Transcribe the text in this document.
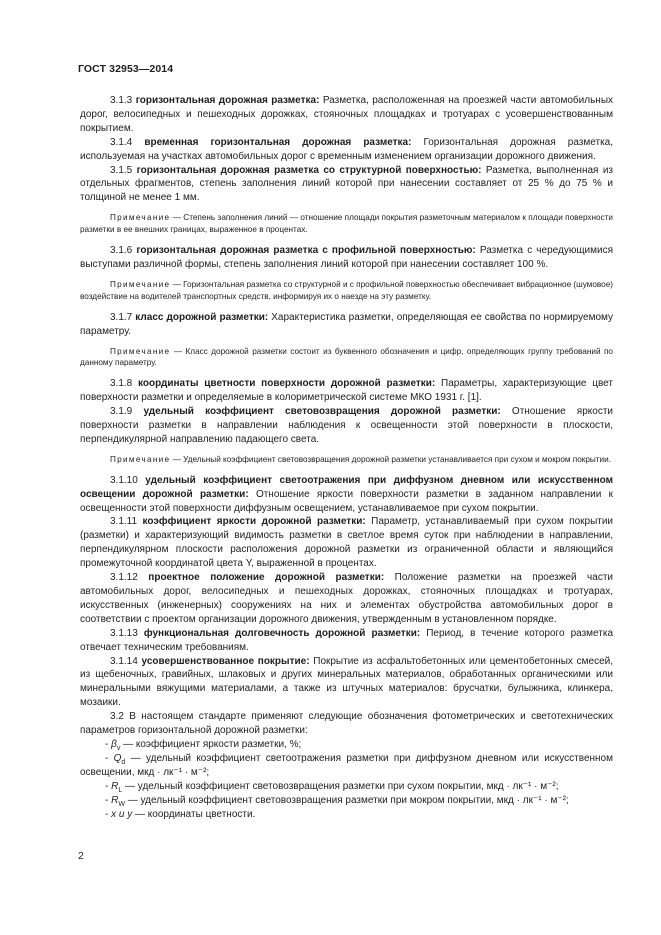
ГОСТ 32953—2014

3.1.3 горизонтальная дорожная разметка: Разметка, расположенная на проезжей части автомобильных дорог, велосипедных и пешеходных дорожках, стояночных площадках и тротуарах с усовершенствованным покрытием.

3.1.4 временная горизонтальная дорожная разметка: Горизонтальная дорожная разметка, используемая на участках автомобильных дорог с временным изменением организации дорожного движения.

3.1.5 горизонтальная дорожная разметка со структурной поверхностью: Разметка, выполненная из отдельных фрагментов, степень заполнения линий которой при нанесении составляет от 25 % до 75 % и толщиной не менее 1 мм.

Примечание — Степень заполнения линий — отношение площади покрытия разметочным материалом к площади поверхности разметки в ее внешних границах, выраженное в процентах.

3.1.6 горизонтальная дорожная разметка с профильной поверхностью: Разметка с чередующимися выступами различной формы, степень заполнения линий которой при нанесении составляет 100 %.

Примечание — Горизонтальная разметка со структурной и с профильной поверхностью обеспечивает вибрационное (шумовое) воздействие на водителей транспортных средств, информируя их о наезде на эту разметку.

3.1.7 класс дорожной разметки: Характеристика разметки, определяющая ее свойства по нормируемому параметру.

Примечание — Класс дорожной разметки состоит из буквенного обозначения и цифр, определяющих группу требований по данному параметру.

3.1.8 координаты цветности поверхности дорожной разметки: Параметры, характеризующие цвет поверхности разметки и определяемые в колориметрической системе МКО 1931 г. [1].

3.1.9 удельный коэффициент световозвращения дорожной разметки: Отношение яркости поверхности разметки в направлении наблюдения к освещенности этой поверхности в плоскости, перпендикулярной направлению падающего света.

Примечание — Удельный коэффициент световозвращения дорожной разметки устанавливается при сухом и мокром покрытии.

3.1.10 удельный коэффициент светоотражения при диффузном дневном или искусственном освещении дорожной разметки: Отношение яркости поверхности разметки в заданном направлении к освещенности этой поверхности диффузным освещением, устанавливаемое при сухом покрытии.

3.1.11 коэффициент яркости дорожной разметки: Параметр, устанавливаемый при сухом покрытии (разметки) и характеризующий видимость разметки в светлое время суток при наблюдении в направлении, перпендикулярном плоскости расположения дорожной разметки из ограниченной области и являющийся промежуточной координатой цвета Y, выраженной в процентах.

3.1.12 проектное положение дорожной разметки: Положение разметки на проезжей части автомобильных дорог, велосипедных и пешеходных дорожках, стояночных площадках и тротуарах, искусственных (инженерных) сооружениях на них и элементах обустройства автомобильных дорог в соответствии с проектом организации дорожного движения, утвержденным в установленном порядке.

3.1.13 функциональная долговечность дорожной разметки: Период, в течение которого разметка отвечает техническим требованиям.

3.1.14 усовершенствованное покрытие: Покрытие из асфальтобетонных или цементобетонных смесей, из щебеночных, гравийных, шлаковых и других минеральных материалов, обработанных органическими или минеральными вяжущими материалами, а также из штучных материалов: брусчатки, булыжника, клинкера, мозаики.

3.2 В настоящем стандарте применяют следующие обозначения фотометрических и светотехнических параметров горизонтальной дорожной разметки:

- $\beta_v$ — коэффициент яркости разметки, %;

- $Q_d$ — удельный коэффициент светоотражения разметки при диффузном дневном или искусственном освещении, мкд · лк⁻¹ · м⁻²;

- $R_L$ — удельный коэффициент световозвращения разметки при сухом покрытии, мкд · лк⁻¹ · м⁻²;

- $R_W$ — удельный коэффициент световозвращения разметки при мокром покрытии, мкд · лк⁻¹ · м⁻²;

- x и y — координаты цветности.

2
